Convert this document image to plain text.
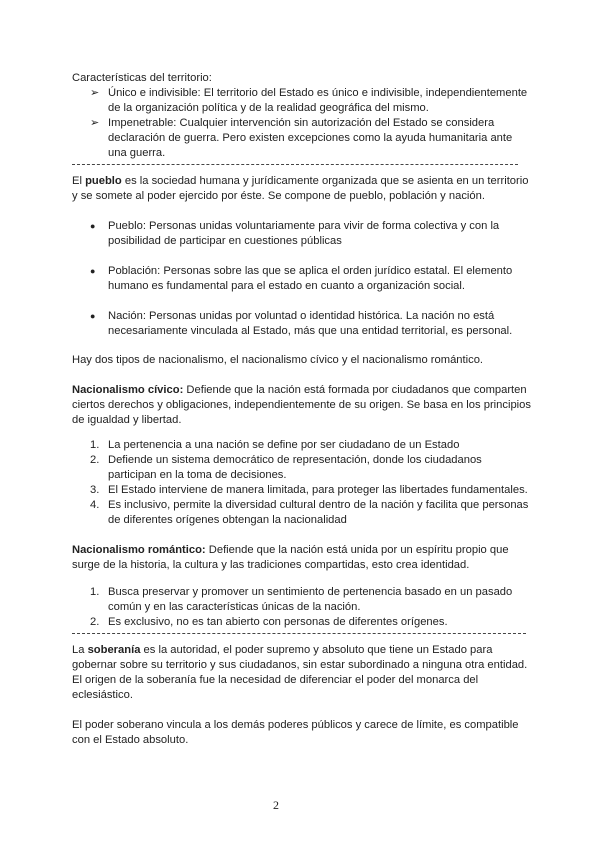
Características del territorio:
➢ Único e indivisible: El territorio del Estado es único e indivisible, independientemente
de la organización política y de la realidad geográfica del mismo.
➢ Impenetrable: Cualquier intervención sin autorización del Estado se considera
declaración de guerra. Pero existen excepciones como la ayuda humanitaria ante
una guerra.
El pueblo es la sociedad humana y jurídicamente organizada que se asienta en un territorio
y se somete al poder ejercido por éste. Se compone de pueblo, población y nación.
● Pueblo: Personas unidas voluntariamente para vivir de forma colectiva y con la
posibilidad de participar en cuestiones públicas
● Población: Personas sobre las que se aplica el orden jurídico estatal. El elemento
humano es fundamental para el estado en cuanto a organización social.
● Nación: Personas unidas por voluntad o identidad histórica. La nación no está
necesariamente vinculada al Estado, más que una entidad territorial, es personal.
Hay dos tipos de nacionalismo, el nacionalismo cívico y el nacionalismo romántico.
Nacionalismo cívico: Defiende que la nación está formada por ciudadanos que comparten
ciertos derechos y obligaciones, independientemente de su origen. Se basa en los principios
de igualdad y libertad.
1. La pertenencia a una nación se define por ser ciudadano de un Estado
2. Defiende un sistema democrático de representación, donde los ciudadanos
participan en la toma de decisiones.
3. El Estado interviene de manera limitada, para proteger las libertades fundamentales.
4. Es inclusivo, permite la diversidad cultural dentro de la nación y facilita que personas
de diferentes orígenes obtengan la nacionalidad
Nacionalismo romántico: Defiende que la nación está unida por un espíritu propio que
surge de la historia, la cultura y las tradiciones compartidas, esto crea identidad.
1. Busca preservar y promover un sentimiento de pertenencia basado en un pasado
común y en las características únicas de la nación.
2. Es exclusivo, no es tan abierto con personas de diferentes orígenes.
La soberanía es la autoridad, el poder supremo y absoluto que tiene un Estado para
gobernar sobre su territorio y sus ciudadanos, sin estar subordinado a ninguna otra entidad.
El origen de la soberanía fue la necesidad de diferenciar el poder del monarca del
eclesiástico.
El poder soberano vincula a los demás poderes públicos y carece de límite, es compatible
con el Estado absoluto.
2
